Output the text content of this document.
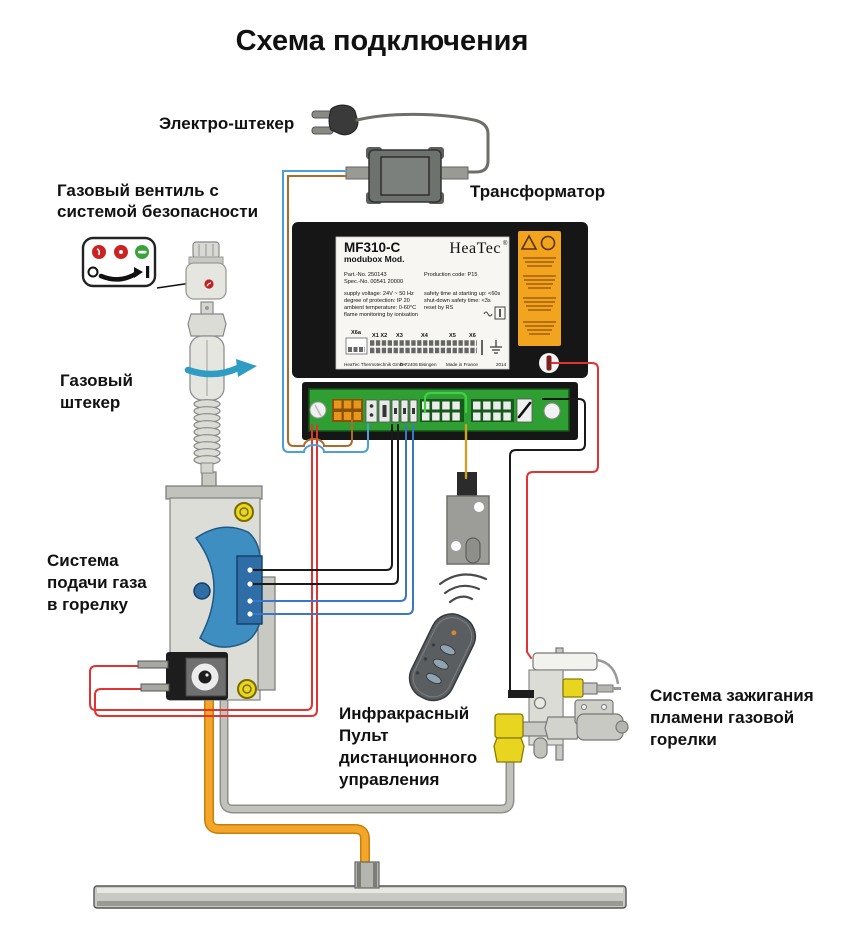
MF310-C
modubox Mod.
HeaTec ®
Part.-No. 250143
Spec.-No. 00541 20000
Production code: P15
supply voltage: 24V ~ 50 Hz
degree of protection: IP 20
ambient temperature: 0-60°C
flame monitoring by ionisation
safety time at starting up: <60s
shut-down safety time: <3s
reset by RS
X6a X1 X2 X3	X4	X5 X6
HeaTec Thermotechnik GmbH
D-72406 Bisingen Made in France	2014
Схема подключения
Электро-штекер
Трансформатор
Газовый вентиль с
системой безопасности
Газовый
штекер
Система
подачи газа
в горелку
Инфракрасный
Пульт
дистанционного
управления
Система зажигания
пламени газовой
горелки
